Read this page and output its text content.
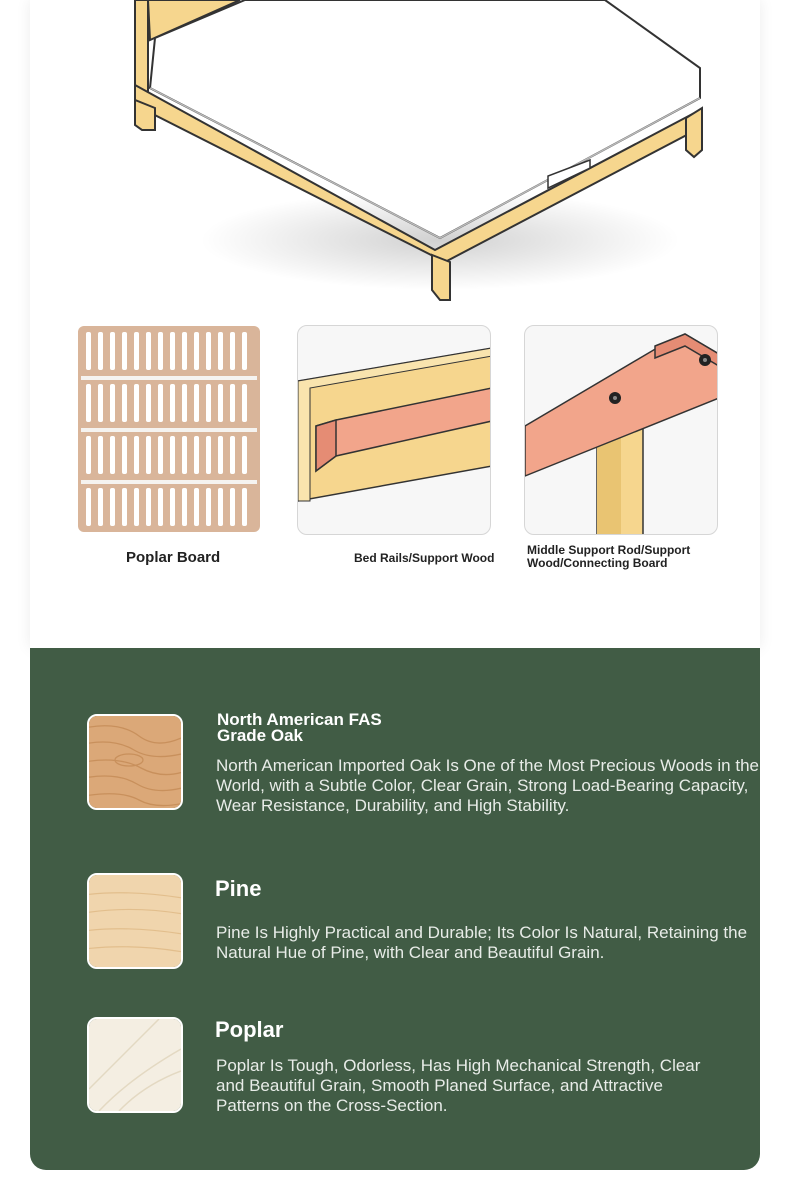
Poplar Board	Bed Rails/Support Wood
Middle Support Rod/Support Wood/Connecting Board
North American FAS Grade Oak
North American Imported Oak Is One of the Most Precious Woods in the World, with a Subtle Color, Clear Grain, Strong Load-Bearing Capacity, Wear Resistance, Durability, and High Stability.
Pine
Pine Is Highly Practical and Durable; Its Color Is Natural, Retaining the Natural Hue of Pine, with Clear and Beautiful Grain.
Poplar
Poplar Is Tough, Odorless, Has High Mechanical Strength, Clear and Beautiful Grain, Smooth Planed Surface, and Attractive Patterns on the Cross-Section.
